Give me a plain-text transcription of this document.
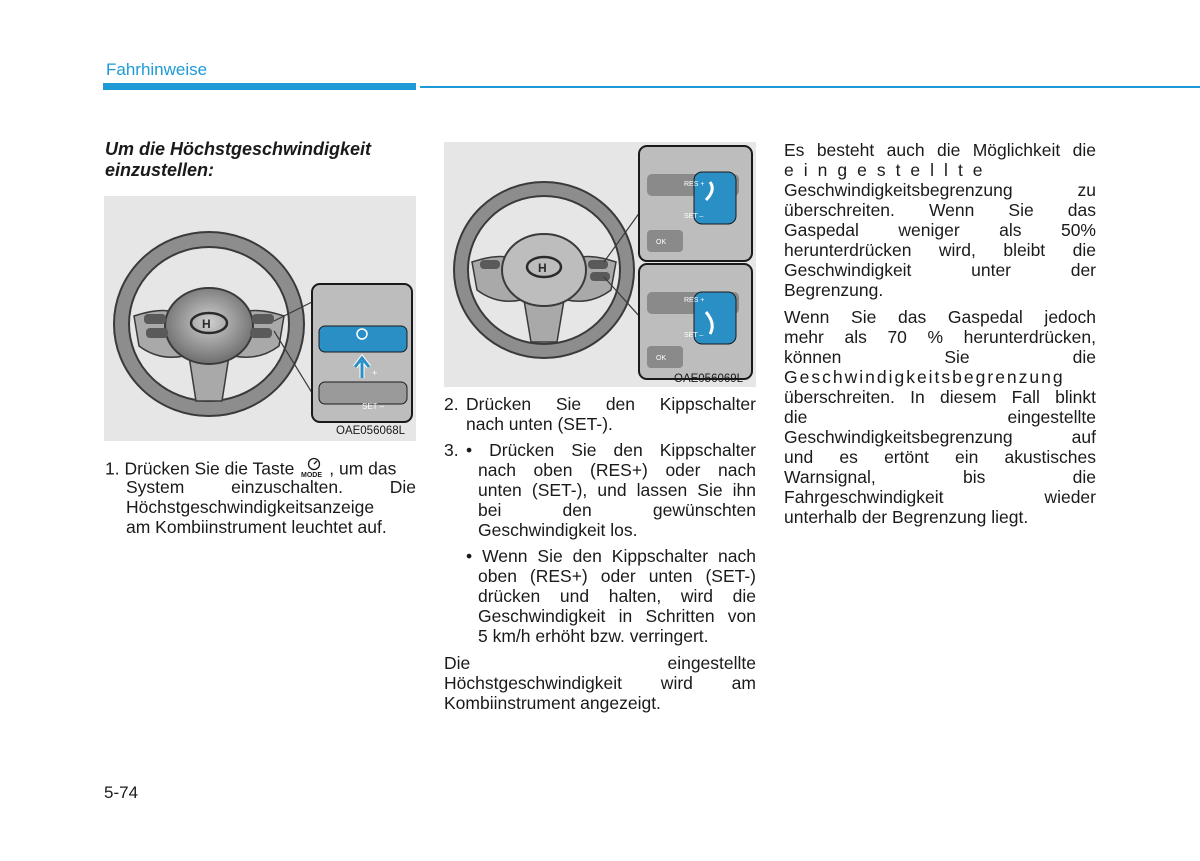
Fahrhinweise
Um die Höchstgeschwindigkeit einzustellen:
H
+
SET –
OAE056068L
1. Drücken Sie die Taste MODE , um das
System einzuschalten. Die
Höchstgeschwindigkeitsanzeige
am Kombiinstrument leuchtet auf.
H
RES +
SET –
OK
RES +
SET –
OK
OAE056069L
2. Drücken Sie den Kippschalter
nach unten (SET-).
3. • Drücken Sie den Kippschalter
nach oben (RES+) oder nach
unten (SET-), und lassen Sie ihn
bei den gewünschten
Geschwindigkeit los.
• Wenn Sie den Kippschalter nach
oben (RES+) oder unten (SET-)
drücken und halten, wird die
Geschwindigkeit in Schritten von
5 km/h erhöht bzw. verringert.
Die eingestellte
Höchstgeschwindigkeit wird am
Kombiinstrument angezeigt.
Es besteht auch die Möglichkeit die
eingestellte
Geschwindigkeitsbegrenzung zu
überschreiten. Wenn Sie das
Gaspedal weniger als 50%
herunterdrücken wird, bleibt die
Geschwindigkeit unter der
Begrenzung.
Wenn Sie das Gaspedal jedoch
mehr als 70 % herunterdrücken,
können Sie die
Geschwindigkeitsbegrenzung
überschreiten. In diesem Fall blinkt
die eingestellte
Geschwindigkeitsbegrenzung auf
und es ertönt ein akustisches
Warnsignal, bis die
Fahrgeschwindigkeit wieder
unterhalb der Begrenzung liegt.
5-74
